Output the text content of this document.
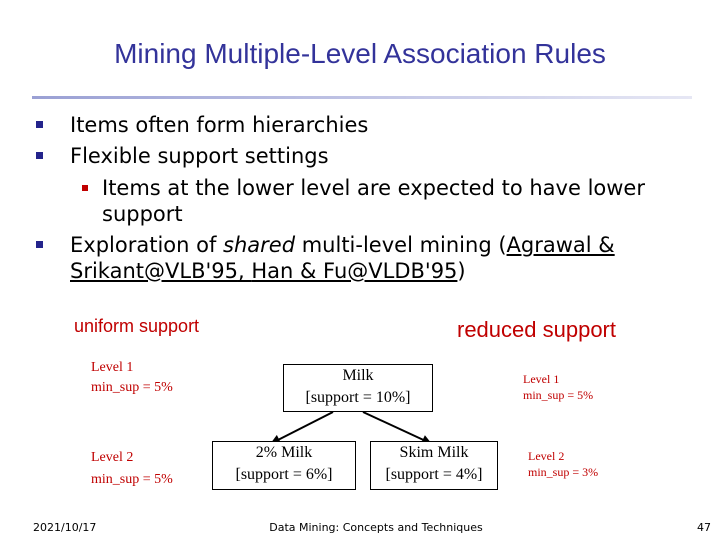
Mining Multiple-Level Association Rules
Items often form hierarchies
Flexible support settings
Items at the lower level are expected to have lower
support
Exploration of shared multi-level mining (Agrawal &
Srikant@VLB'95, Han & Fu@VLDB'95)
uniform support	reduced support
Level 1
min_sup = 5%
Level 2
min_sup = 5%
Level 1
min_sup = 5%
Level 2
min_sup = 3%
Milk
[support = 10%]
2% Milk
[support = 6%]
Skim Milk
[support = 4%]
2021/10/17	Data Mining: Concepts and Techniques	47
